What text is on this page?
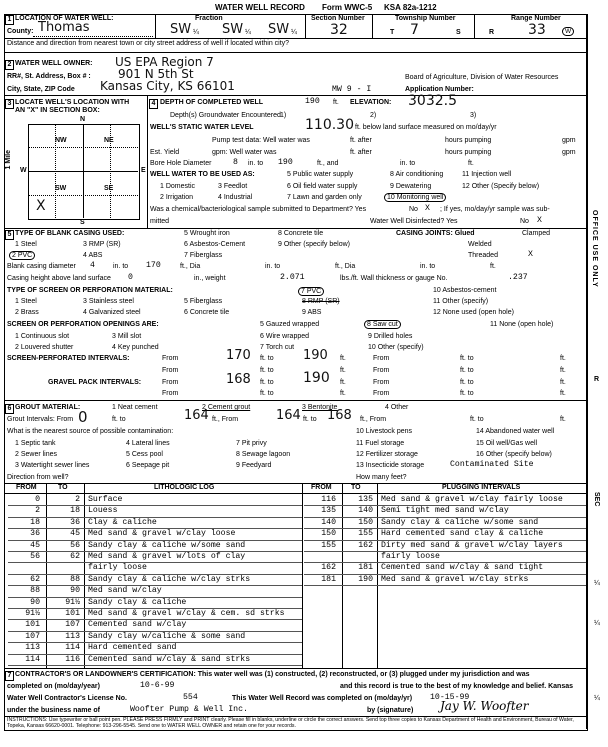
WATER WELL RECORD Form WWC-5 KSA 82a-1212
OFFICE USE ONLY
R
SEC
¼
¼
¼
1 LOCATION OF WATER WELL:
County: Thomas
Fraction
SW ¼ SW ¼ SW ¼
Section Number
32
Township Number
T 7	S
Range Number
R 33	W
Distance and direction from nearest town or city street address of well if located within city?
2 WATER WELL OWNER: US EPA Region 7
RR#, St. Address, Box # : 901 N 5th St
City, State, ZIP Code Kansas City, KS 66101
Board of Agriculture, Division of Water Resources
Application Number:
MW 9 - I
3 LOCATE WELL'S LOCATION WITH
AN "X" IN SECTION BOX:
4
N
S
W	E
NW	NE
SW	SE
1 Mile
X
DEPTH OF COMPLETED WELL	190 ft. ELEVATION: 3032.5
Depth(s) Groundwater Encountered 1)	2)	3)
WELL'S STATIC WATER LEVEL	110.30 ft. below land surface measured on mo/day/yr
Pump test data: Well water was	ft. after	hours pumping	gpm
Est. Yield	gpm: Well water was	ft. after	hours pumping	gpm
Bore Hole Diameter	8 in. to 190	ft., and	in. to	ft.
WELL WATER TO BE USED AS:
1 Domestic
2 Irrigation
3 Feedlot
4 Industrial
5 Public water supply
6 Oil field water supply
7 Lawn and garden only
8 Air conditioning
9 Dewatering
10 Monitoring well
11 Injection well
12 Other (Specify below)
Was a chemical/bacteriological sample submitted to Department? Yes	No X ; If yes, mo/day/yr sample was sub-
mitted	Water Well Disinfected? Yes	No X
5 TYPE OF BLANK CASING USED:
1 Steel
2 PVC
3 RMP (SR)
4 ABS
5 Wrought iron
6 Asbestos-Cement
7 Fiberglass
8 Concrete tile
9 Other (specify below)
CASING JOINTS: Glued	Clamped
Welded
Threaded	X
Blank casing diameter 4	in. to 170	ft., Dia	in. to	ft., Dia	in. to	ft.
Casing height above land surface 0	in., weight	2.071	lbs./ft. Wall thickness or gauge No.	.237
TYPE OF SCREEN OR PERFORATION MATERIAL:
1 Steel
2 Brass
3 Stainless steel
4 Galvanized steel
5 Fiberglass
6 Concrete tile
7 PVC
8 RMP (SR)
9 ABS
10 Asbestos-cement
11 Other (specify)
12 None used (open hole)
SCREEN OR PERFORATION OPENINGS ARE:
1 Continuous slot
2 Louvered shutter
3 Mill slot
4 Key punched
5 Gauzed wrapped
6 Wire wrapped
7 Torch cut
8 Saw cut
9 Drilled holes
10 Other (specify)
11 None (open hole)
SCREEN-PERFORATED INTERVALS:	From	170 ft. to 190 ft.	From	ft. to	ft.
From	ft. to	ft.	From	ft. to	ft.
GRAVEL PACK INTERVALS:	From	168 ft. to 190 ft.	From	ft. to	ft.
From	ft. to	ft.	From	ft. to	ft.
6 GROUT MATERIAL:	1 Neat cement	2 Cement grout	3 Bentonite	4 Other
Grout Intervals: From 0	ft. to	164 ft., From	164 ft. to 168 ft., From	ft. to	ft.
What is the nearest source of possible contamination:
1 Septic tank
2 Sewer lines
3 Watertight sewer lines
4 Lateral lines
5 Cess pool
6 Seepage pit
7 Pit privy
8 Sewage lagoon
9 Feedyard
10 Livestock pens
11 Fuel storage
12 Fertilizer storage
13 Insecticide storage
14 Abandoned water well
15 Oil well/Gas well
16 Other (specify below)
Contaminated Site
Direction from well?	How many feet?
FROM	TO	LITHOLOGIC LOG	FROM	TO	PLUGGING INTERVALS
0	2 Surface
2	18 Louess
18	36 Clay & caliche
36	45 Med sand & gravel w/clay loose
45	56 Sandy clay & caliche w/some sand
56	62 Med sand & gravel w/lots of clay
fairly loose
62	88 Sandy clay & caliche w/clay strks
88	90 Med sand w/clay
90	91½ Sandy clay & caliche
91½	101 Med sand & gravel w/clay & cem. sd strks
101	107 Cemented sand w/clay
107	113 Sandy clay w/caliche & some sand
113	114 Hard cemented sand
114	116 Cemented sand w/clay & sand strks
116	135 Med sand & gravel w/clay fairly loose
135	140 Semi tight med sand w/clay
140	150 Sandy clay & caliche w/some sand
150	155 Hard cemented sand clay & caliche
155	162 Dirty med sand & gravel w/clay layers
fairly loose
162	181 Cemented sand w/clay & sand tight
181	190 Med sand & gravel w/clay strks
7 CONTRACTOR'S OR LANDOWNER'S CERTIFICATION: This water well was (1) constructed, (2) reconstructed, or (3) plugged under my jurisdiction and was
completed on (mo/day/year)	10-6-99	and this record is true to the best of my knowledge and belief. Kansas
Water Well Contractor's License No.	554	This Water Well Record was completed on (mo/day/yr) 10-15-99
under the business name of	Woofter Pump & Well Inc.	by (signature) Jay W. Woofter
INSTRUCTIONS: Use typewriter or ball point pen. PLEASE PRESS FIRMLY and PRINT clearly. Please fill in blanks, underline or circle the correct answers. Send top three copies to Kansas Department of Health and Environment, Bureau of Water, Topeka, Kansas 66620-0001. Telephone: 913-296-5545. Send one to WATER WELL OWNER and retain one for your records.
